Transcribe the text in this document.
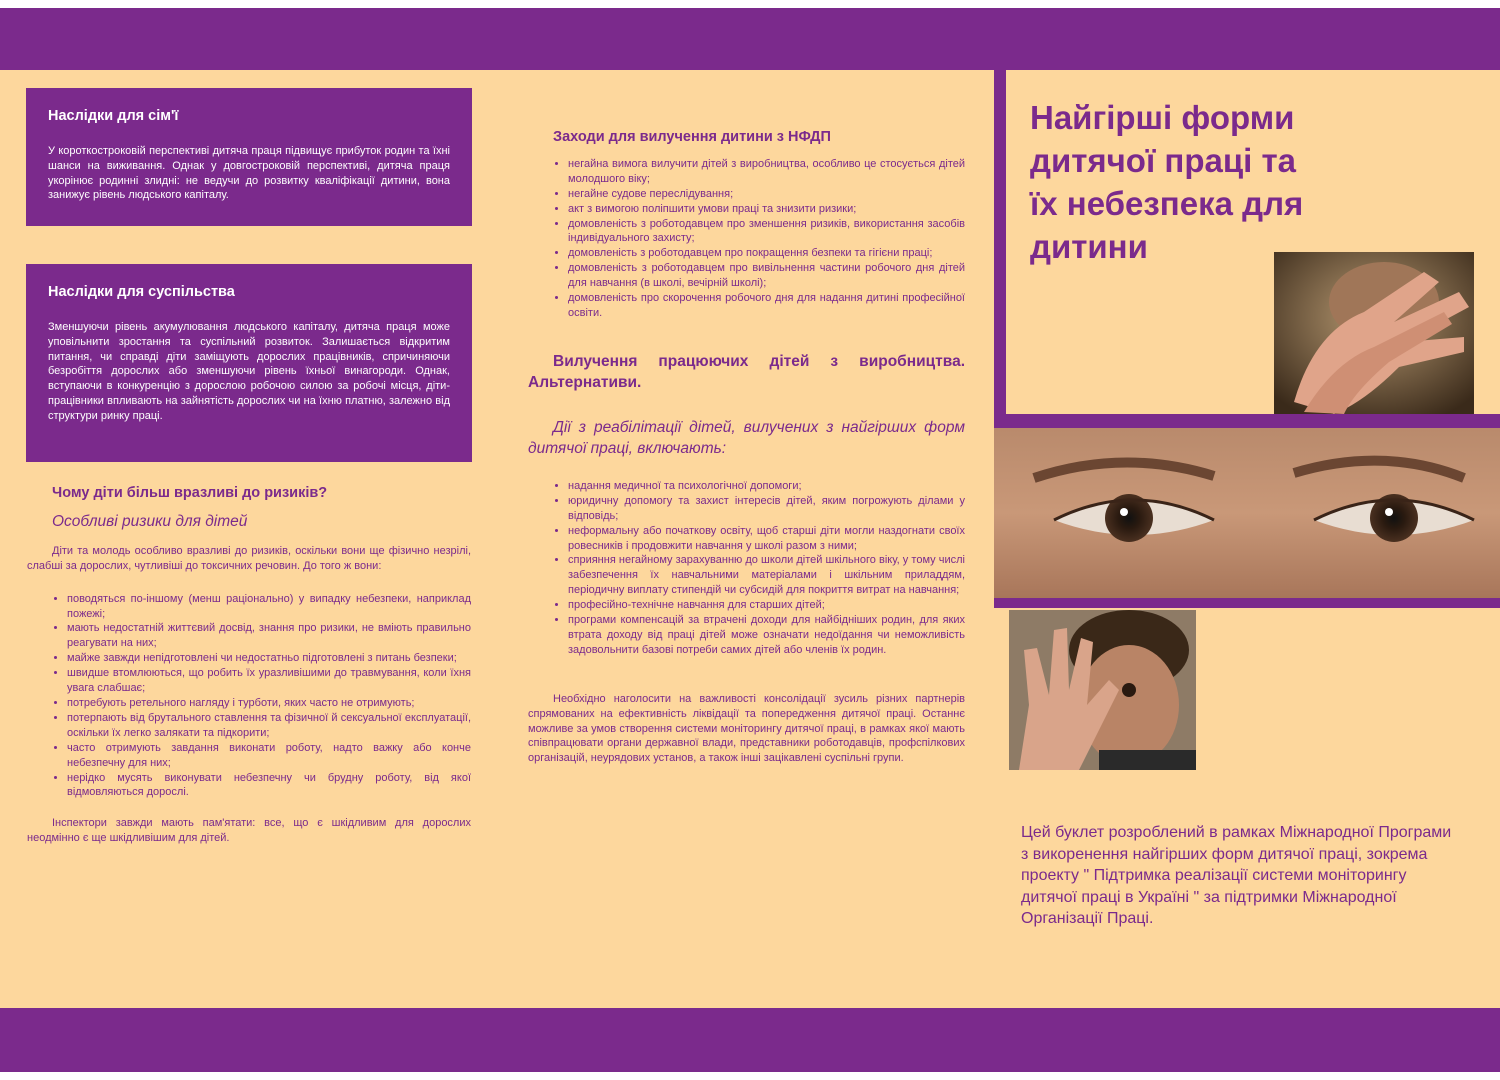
Наслідки для сім'ї

У короткостроковій перспективі дитяча праця підвищує прибуток родин та їхні шанси на виживання. Однак у довгостроковій перспективі, дитяча праця укорінює родинні злидні: не ведучи до розвитку кваліфікації дитини, вона занижує рівень людського капіталу.

Наслідки для суспільства

Зменшуючи рівень акумулювання людського капіталу, дитяча праця може уповільнити зростання та суспільний розвиток. Залишається відкритим питання, чи справді діти заміщують дорослих працівників, спричиняючи безробіття дорослих або зменшуючи рівень їхньої винагороди. Однак, вступаючи в конкуренцію з дорослою робочою силою за робочі місця, діти-працівники впливають на зайнятість дорослих чи на їхню платню, залежно від структури ринку праці.

Чому діти більш вразливі до ризиків?

Особливі ризики для дітей

Діти та молодь особливо вразливі до ризиків, оскільки вони ще фізично незрілі, слабші за дорослих, чутливіші до токсичних речовин. До того ж вони:

• поводяться по-іншому (менш раціонально) у випадку небезпеки, наприклад пожежі;
• мають недостатній життєвий досвід, знання про ризики, не вміють правильно реагувати на них;
• майже завжди непідготовлені чи недостатньо підготовлені з питань безпеки;
• швидше втомлюються, що робить їх уразливішими до травмування, коли їхня увага слабшає;
• потребують ретельного нагляду і турботи, яких часто не отримують;
• потерпають від брутального ставлення та фізичної й сексуальної експлуатації, оскільки їх легко залякати та підкорити;
• часто отримують завдання виконати роботу, надто важку або конче небезпечну для них;
• нерідко мусять виконувати небезпечну чи брудну роботу, від якої відмовляються дорослі.

Інспектори завжди мають пам'ятати: все, що є шкідливим для дорослих неодмінно є ще шкідливішим для дітей.

Заходи для вилучення дитини з НФДП

• негайна вимога вилучити дітей з виробництва, особливо це стосується дітей молодшого віку;
• негайне судове переслідування;
• акт з вимогою поліпшити умови праці та знизити ризики;
• домовленість з роботодавцем про зменшення ризиків, використання засобів індивідуального захисту;
• домовленість з роботодавцем про покращення безпеки та гігієни праці;
• домовленість з роботодавцем про вивільнення частини робочого дня дітей для навчання (в школі, вечірній школі);
• домовленість про скорочення робочого дня для надання дитині професійної освіти.

Вилучення працюючих дітей з виробництва. Альтернативи.

Дії з реабілітації дітей, вилучених з найгірших форм дитячої праці, включають:

• надання медичної та психологічної допомоги;
• юридичну допомогу та захист інтересів дітей, яким погрожують ділами у відповідь;
• неформальну або початкову освіту, щоб старші діти могли наздогнати своїх ровесників і продовжити навчання у школі разом з ними;
• сприяння негайному зарахуванню до школи дітей шкільного віку, у тому числі забезпечення їх навчальними матеріалами і шкільним приладдям, періодичну виплату стипендій чи субсидій для покриття витрат на навчання;
• професійно-технічне навчання для старших дітей;
• програми компенсацій за втрачені доходи для найбідніших родин, для яких втрата доходу від праці дітей може означати недоїдання чи неможливість задовольнити базові потреби самих дітей або членів їх родин.

Необхідно наголосити на важливості консолідації зусиль різних партнерів спрямованих на ефективність ліквідації та попередження дитячої праці. Останнє можливе за умов створення системи моніторингу дитячої праці, в рамках якої мають співпрацювати органи державної влади, представники роботодавців, профспілкових організацій, неурядових установ, а також інші зацікавлені суспільні групи.

Найгірші форми дитячої праці та їх небезпека для дитини

Цей буклет розроблений в рамках Міжнародної Програми з викоренення найгірших форм дитячої праці, зокрема проекту " Підтримка реалізації системи моніторингу дитячої праці в Україні " за підтримки Міжнародної Організації Праці.
